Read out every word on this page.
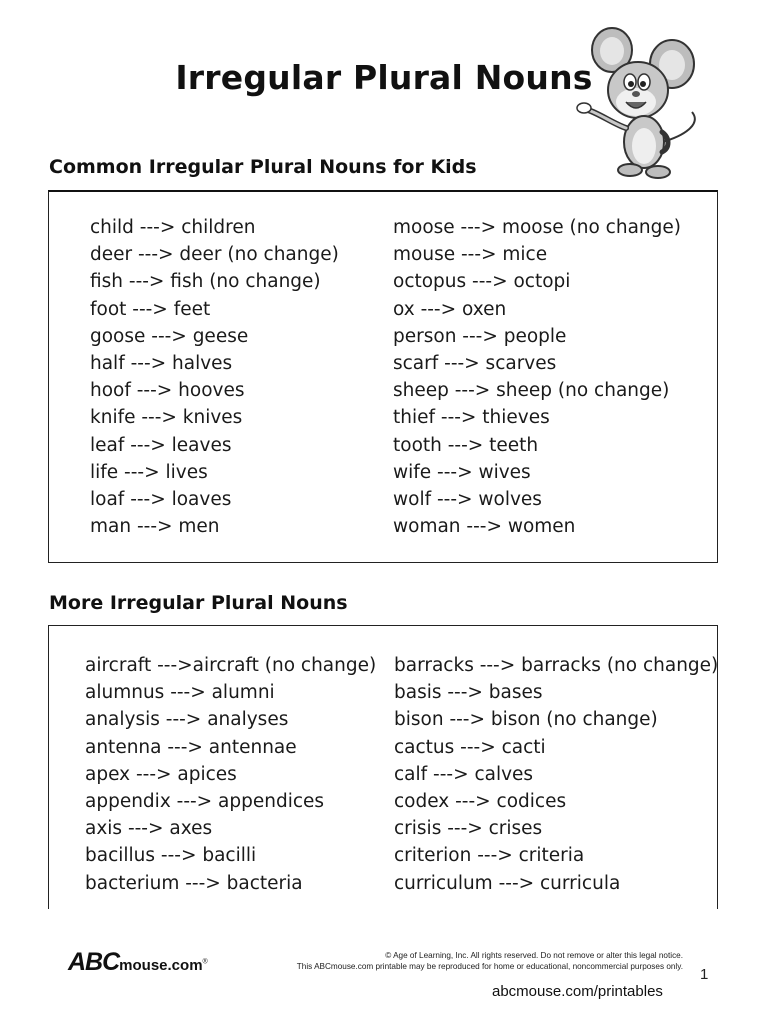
Irregular Plural Nouns
Common Irregular Plural Nouns for Kids
child ---> children
deer ---> deer (no change)
fish ---> fish (no change)
foot ---> feet
goose ---> geese
half ---> halves
hoof ---> hooves
knife ---> knives
leaf ---> leaves
life ---> lives
loaf ---> loaves
man ---> men
moose ---> moose (no change)
mouse ---> mice
octopus ---> octopi
ox ---> oxen
person ---> people
scarf ---> scarves
sheep ---> sheep (no change)
thief ---> thieves
tooth ---> teeth
wife ---> wives
wolf ---> wolves
woman ---> women
More Irregular Plural Nouns
aircraft --->aircraft (no change)
alumnus ---> alumni
analysis ---> analyses
antenna ---> antennae
apex ---> apices
appendix ---> appendices
axis ---> axes
bacillus ---> bacilli
bacterium ---> bacteria
barracks ---> barracks (no change)
basis ---> bases
bison ---> bison (no change)
cactus ---> cacti
calf ---> calves
codex ---> codices
crisis ---> crises
criterion ---> criteria
curriculum ---> curricula
ABCmouse.com®
© Age of Learning, Inc. All rights reserved. Do not remove or alter this legal notice.
This ABCmouse.com printable may be reproduced for home or educational, noncommercial purposes only. 1
abcmouse.com/printables
